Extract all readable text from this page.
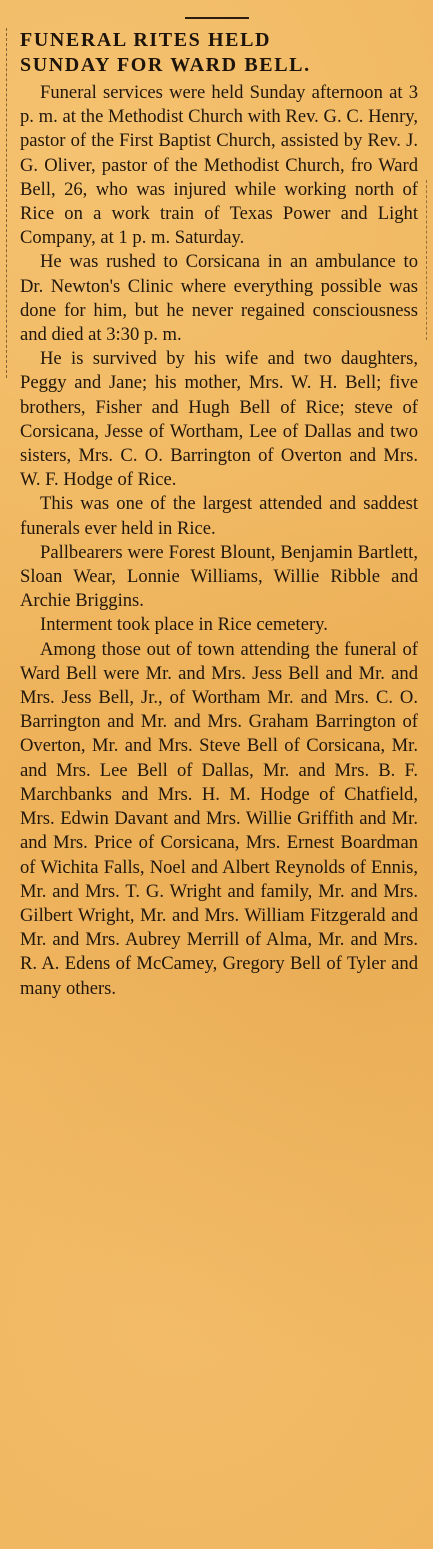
FUNERAL RITES HELD
SUNDAY FOR WARD BELL.

Funeral services were held Sunday afternoon at 3 p. m. at the Methodist Church with Rev. G. C. Henry, pastor of the First Baptist Church, assisted by Rev. J. G. Oliver, pastor of the Methodist Church, fro Ward Bell, 26, who was injured while working north of Rice on a work train of Texas Power and Light Company, at 1 p. m. Saturday.

He was rushed to Corsicana in an ambulance to Dr. Newton's Clinic where everything possible was done for him, but he never regained consciousness and died at 3:30 p. m.

He is survived by his wife and two daughters, Peggy and Jane; his mother, Mrs. W. H. Bell; five brothers, Fisher and Hugh Bell of Rice; steve of Corsicana, Jesse of Wortham, Lee of Dallas and two sisters, Mrs. C. O. Barrington of Overton and Mrs. W. F. Hodge of Rice.

This was one of the largest attended and saddest funerals ever held in Rice.

Pallbearers were Forest Blount, Benjamin Bartlett, Sloan Wear, Lonnie Williams, Willie Ribble and Archie Briggins.

Interment took place in Rice cemetery.

Among those out of town attending the funeral of Ward Bell were Mr. and Mrs. Jess Bell and Mr. and Mrs. Jess Bell, Jr., of Wortham Mr. and Mrs. C. O. Barrington and Mr. and Mrs. Graham Barrington of Overton, Mr. and Mrs. Steve Bell of Corsicana, Mr. and Mrs. Lee Bell of Dallas, Mr. and Mrs. B. F. Marchbanks and Mrs. H. M. Hodge of Chatfield, Mrs. Edwin Davant and Mrs. Willie Griffith and Mr. and Mrs. Price of Corsicana, Mrs. Ernest Boardman of Wichita Falls, Noel and Albert Reynolds of Ennis, Mr. and Mrs. T. G. Wright and family, Mr. and Mrs. Gilbert Wright, Mr. and Mrs. William Fitzgerald and Mr. and Mrs. Aubrey Merrill of Alma, Mr. and Mrs. R. A. Edens of McCamey, Gregory Bell of Tyler and many others.
